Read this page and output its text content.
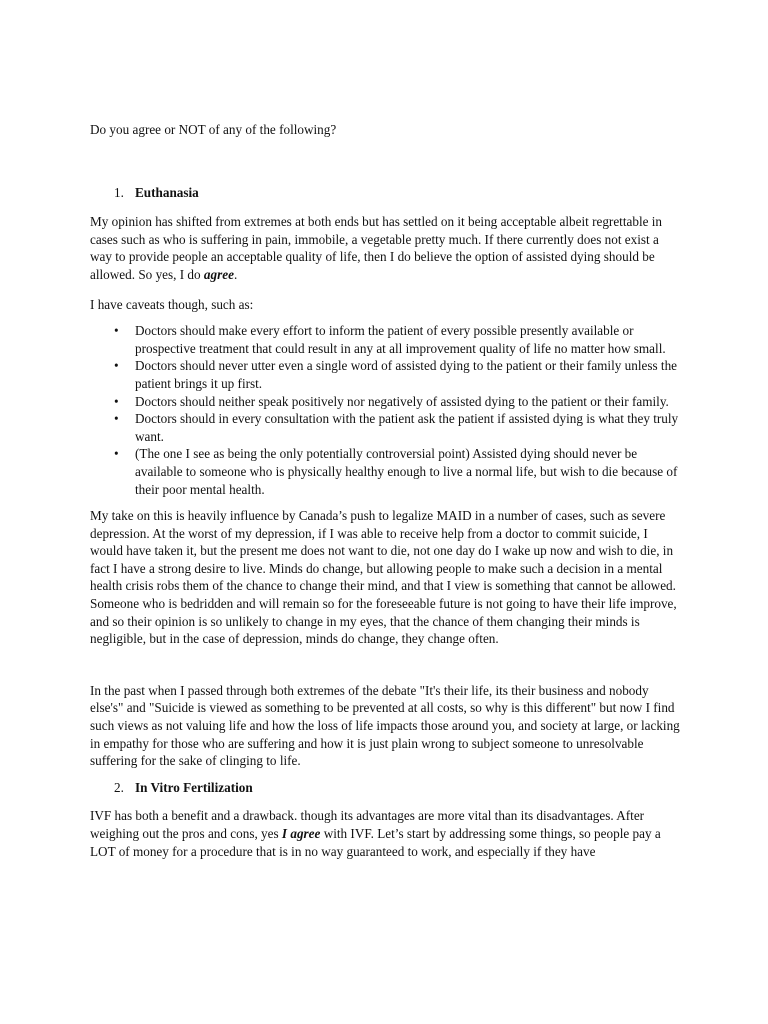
Do you agree or NOT of any of the following?

1. Euthanasia

My opinion has shifted from extremes at both ends but has settled on it being acceptable albeit regrettable in cases such as who is suffering in pain, immobile, a vegetable pretty much. If there currently does not exist a way to provide people an acceptable quality of life, then I do believe the option of assisted dying should be allowed. So yes, I do agree.

I have caveats though, such as:

• Doctors should make every effort to inform the patient of every possible presently available or prospective treatment that could result in any at all improvement quality of life no matter how small.
• Doctors should never utter even a single word of assisted dying to the patient or their family unless the patient brings it up first.
• Doctors should neither speak positively nor negatively of assisted dying to the patient or their family.
• Doctors should in every consultation with the patient ask the patient if assisted dying is what they truly want.
• (The one I see as being the only potentially controversial point) Assisted dying should never be available to someone who is physically healthy enough to live a normal life, but wish to die because of their poor mental health.

My take on this is heavily influence by Canada’s push to legalize MAID in a number of cases, such as severe depression. At the worst of my depression, if I was able to receive help from a doctor to commit suicide, I would have taken it, but the present me does not want to die, not one day do I wake up now and wish to die, in fact I have a strong desire to live. Minds do change, but allowing people to make such a decision in a mental health crisis robs them of the chance to change their mind, and that I view is something that cannot be allowed. Someone who is bedridden and will remain so for the foreseeable future is not going to have their life improve, and so their opinion is so unlikely to change in my eyes, that the chance of them changing their minds is negligible, but in the case of depression, minds do change, they change often.

In the past when I passed through both extremes of the debate "It's their life, its their business and nobody else's" and "Suicide is viewed as something to be prevented at all costs, so why is this different" but now I find such views as not valuing life and how the loss of life impacts those around you, and society at large, or lacking in empathy for those who are suffering and how it is just plain wrong to subject someone to unresolvable suffering for the sake of clinging to life.

2. In Vitro Fertilization

IVF has both a benefit and a drawback. though its advantages are more vital than its disadvantages. After weighing out the pros and cons, yes I agree with IVF. Let’s start by addressing some things, so people pay a LOT of money for a procedure that is in no way guaranteed to work, and especially if they have
